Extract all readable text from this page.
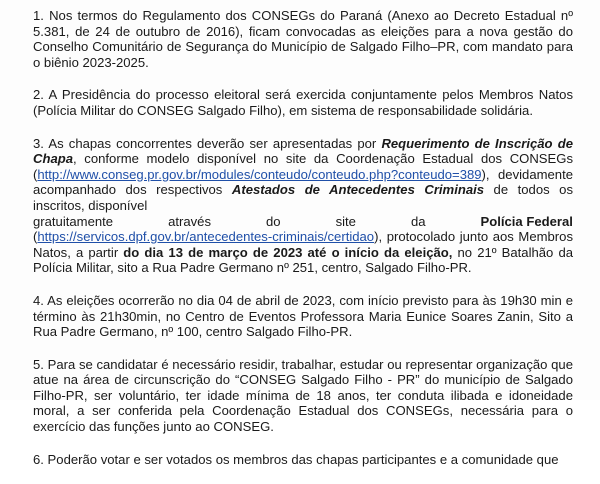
1. Nos termos do Regulamento dos CONSEGs do Paraná (Anexo ao Decreto Estadual nº 5.381, de 24 de outubro de 2016), ficam convocadas as eleições para a nova gestão do Conselho Comunitário de Segurança do Município de Salgado Filho–PR, com mandato para o biênio 2023-2025.

2. A Presidência do processo eleitoral será exercida conjuntamente pelos Membros Natos (Polícia Militar do CONSEG Salgado Filho), em sistema de responsabilidade solidária.

3. As chapas concorrentes deverão ser apresentadas por Requerimento de Inscrição de Chapa, conforme modelo disponível no site da Coordenação Estadual dos CONSEGs (http://www.conseg.pr.gov.br/modules/conteudo/conteudo.php?conteudo=389), devidamente acompanhado dos respectivos Atestados de Antecedentes Criminais de todos os inscritos, disponível
gratuitamente	através	do	site	da	Polícia Federal
(https://servicos.dpf.gov.br/antecedentes-criminais/certidao), protocolado junto aos Membros Natos, a partir do dia 13 de março de 2023 até o início da eleição, no 21º Batalhão da Polícia Militar, sito a Rua Padre Germano nº 251, centro, Salgado Filho-PR.

4. As eleições ocorrerão no dia 04 de abril de 2023, com início previsto para às 19h30 min e término às 21h30min, no Centro de Eventos Professora Maria Eunice Soares Zanin, Sito a Rua Padre Germano, nº 100, centro Salgado Filho-PR.

5. Para se candidatar é necessário residir, trabalhar, estudar ou representar organização que atue na área de circunscrição do “CONSEG Salgado Filho - PR” do município de Salgado Filho-PR, ser voluntário, ter idade mínima de 18 anos, ter conduta ilibada e idoneidade moral, a ser conferida pela Coordenação Estadual dos CONSEGs, necessária para o exercício das funções junto ao CONSEG.

6. Poderão votar e ser votados os membros das chapas participantes e a comunidade que
